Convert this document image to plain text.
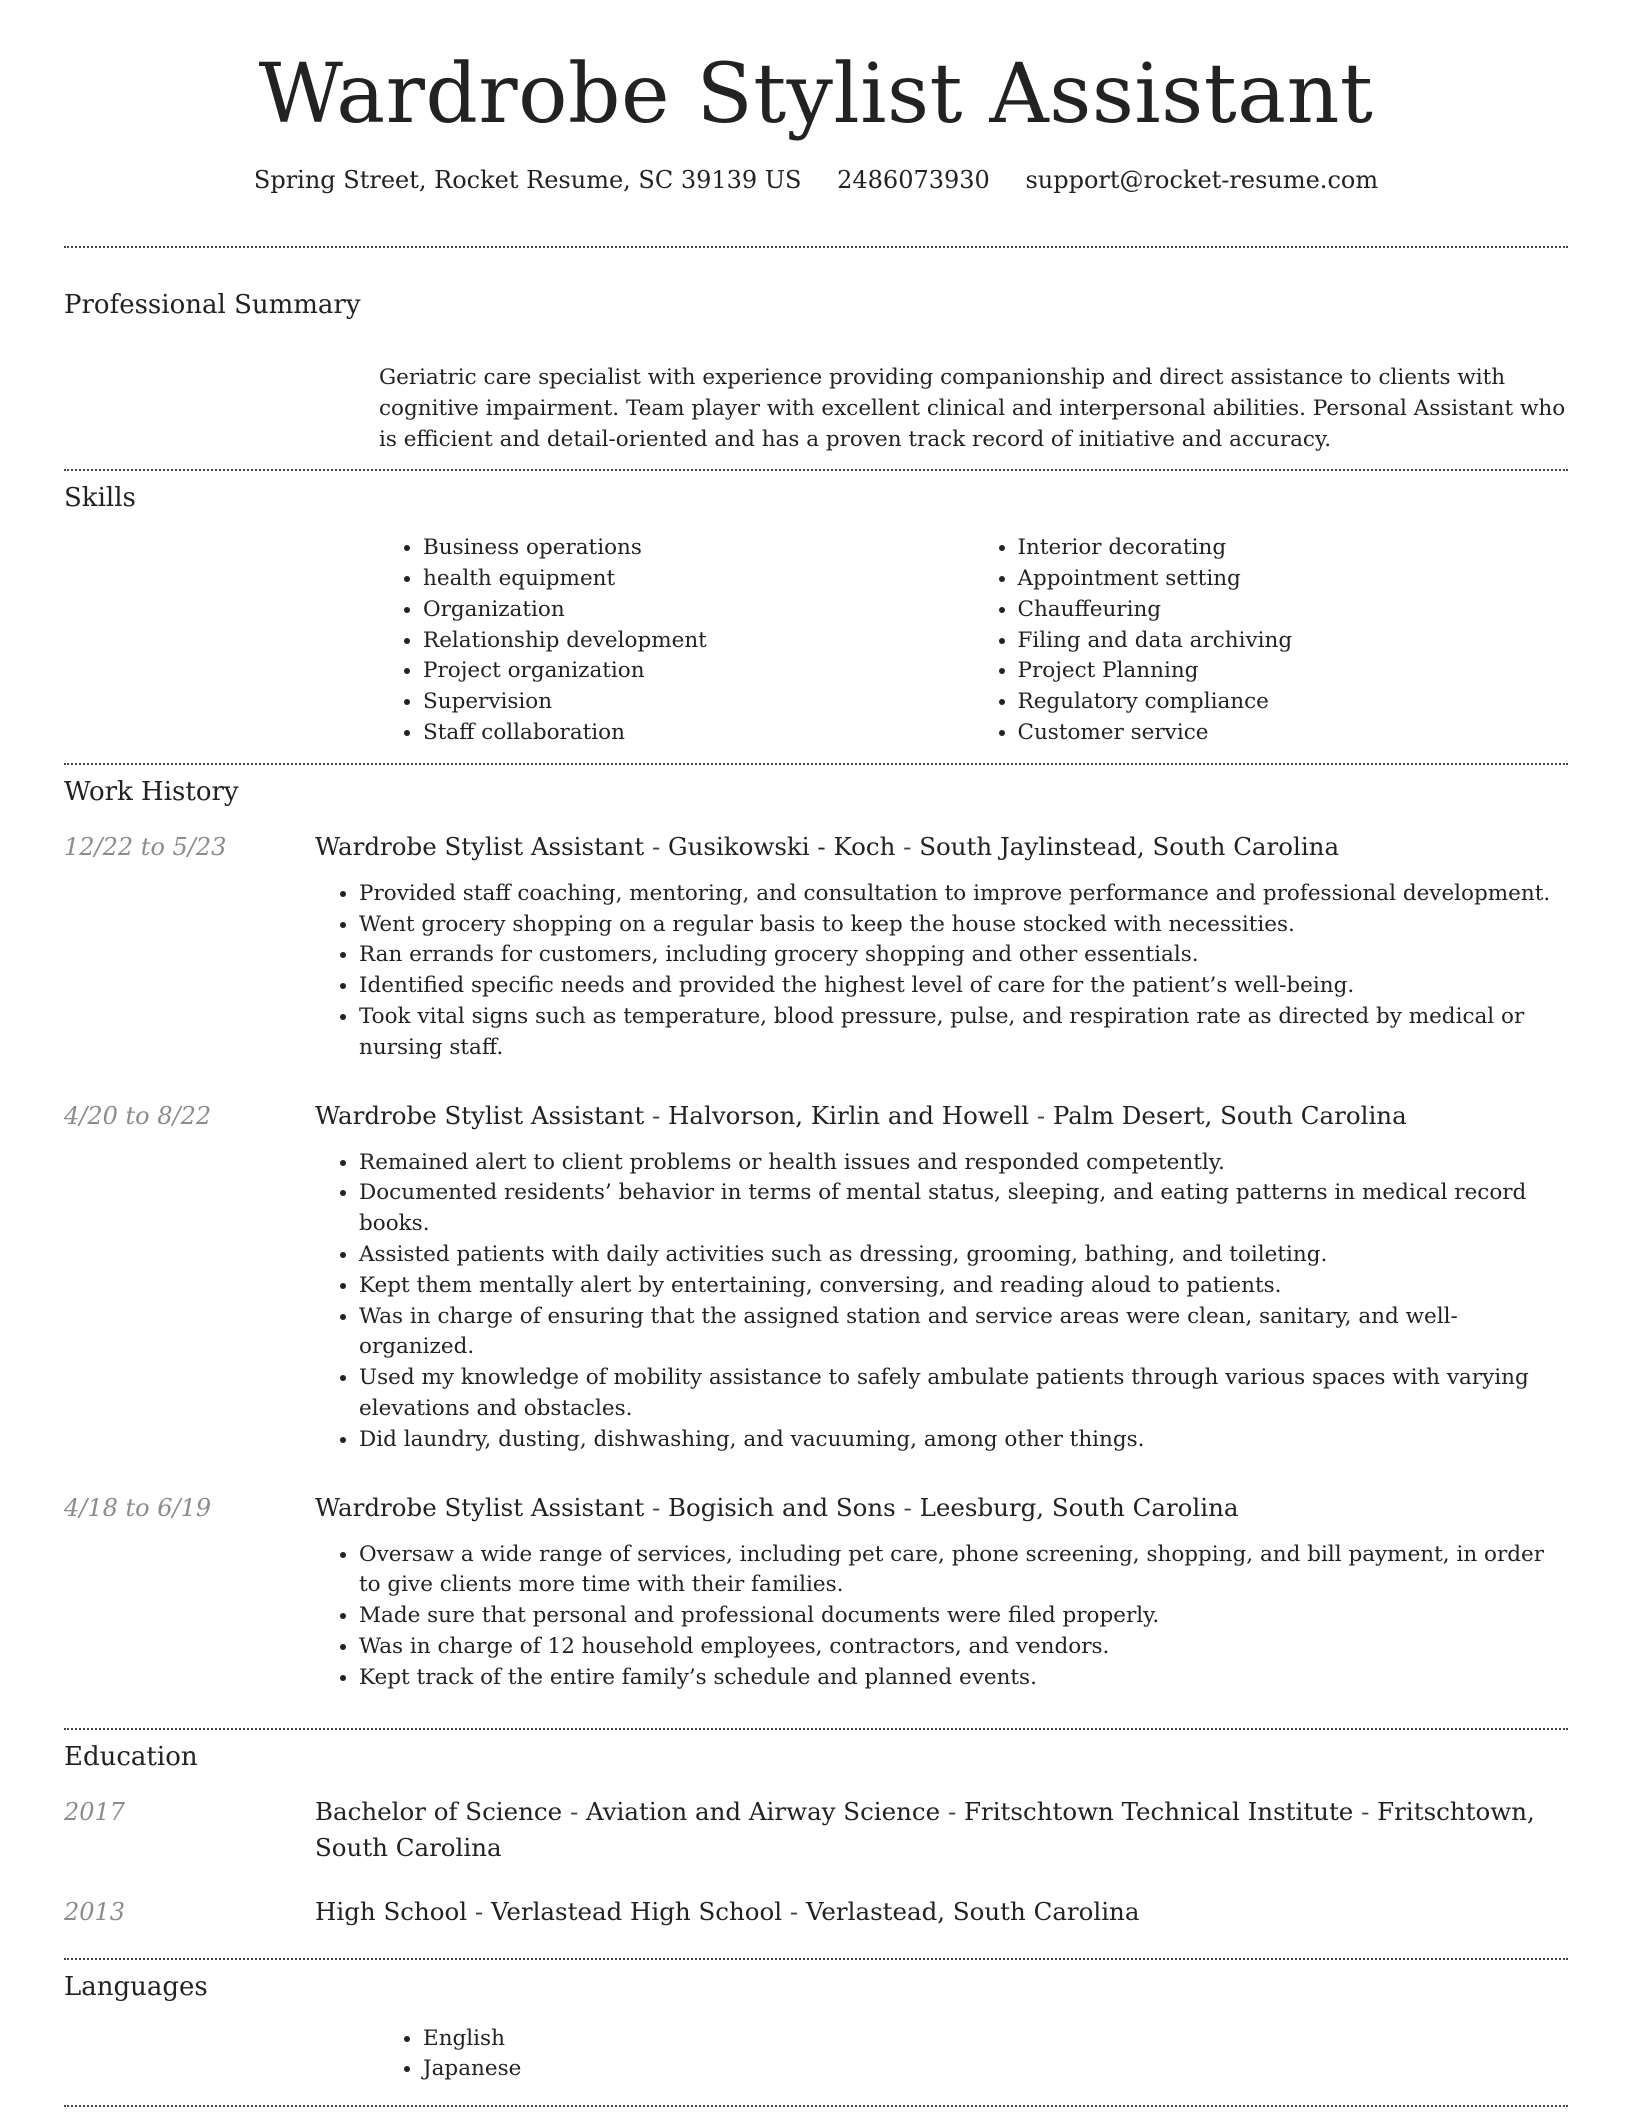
Wardrobe Stylist Assistant
Spring Street, Rocket Resume, SC 39139 US 2486073930 support@rocket-resume.com
Professional Summary

Geriatric care specialist with experience providing companionship and direct assistance to clients with cognitive impairment. Team player with excellent clinical and interpersonal abilities. Personal Assistant who is efficient and detail-oriented and has a proven track record of initiative and accuracy.

Skills
• Business operations
• health equipment
• Organization
• Relationship development
• Project organization
• Supervision
• Staff collaboration
• Interior decorating
• Appointment setting
• Chauffeuring
• Filing and data archiving
• Project Planning
• Regulatory compliance
• Customer service
Work History
12/22 to 5/23	Wardrobe Stylist Assistant - Gusikowski - Koch - South Jaylinstead, South Carolina
• Provided staff coaching, mentoring, and consultation to improve performance and professional development.
• Went grocery shopping on a regular basis to keep the house stocked with necessities.
• Ran errands for customers, including grocery shopping and other essentials.
• Identified specific needs and provided the highest level of care for the patient’s well-being.
• Took vital signs such as temperature, blood pressure, pulse, and respiration rate as directed by medical or nursing staff.
4/20 to 8/22	Wardrobe Stylist Assistant - Halvorson, Kirlin and Howell - Palm Desert, South Carolina
• Remained alert to client problems or health issues and responded competently.
• Documented residents’ behavior in terms of mental status, sleeping, and eating patterns in medical record books.
• Assisted patients with daily activities such as dressing, grooming, bathing, and toileting.
• Kept them mentally alert by entertaining, conversing, and reading aloud to patients.
• Was in charge of ensuring that the assigned station and service areas were clean, sanitary, and well-organized.
• Used my knowledge of mobility assistance to safely ambulate patients through various spaces with varying elevations and obstacles.
• Did laundry, dusting, dishwashing, and vacuuming, among other things.
4/18 to 6/19	Wardrobe Stylist Assistant - Bogisich and Sons - Leesburg, South Carolina
• Oversaw a wide range of services, including pet care, phone screening, shopping, and bill payment, in order to give clients more time with their families.
• Made sure that personal and professional documents were filed properly.
• Was in charge of 12 household employees, contractors, and vendors.
• Kept track of the entire family’s schedule and planned events.
Education
2017	Bachelor of Science - Aviation and Airway Science - Fritschtown Technical Institute - Fritschtown, South Carolina
2013	High School - Verlastead High School - Verlastead, South Carolina
Languages
• English
• Japanese
